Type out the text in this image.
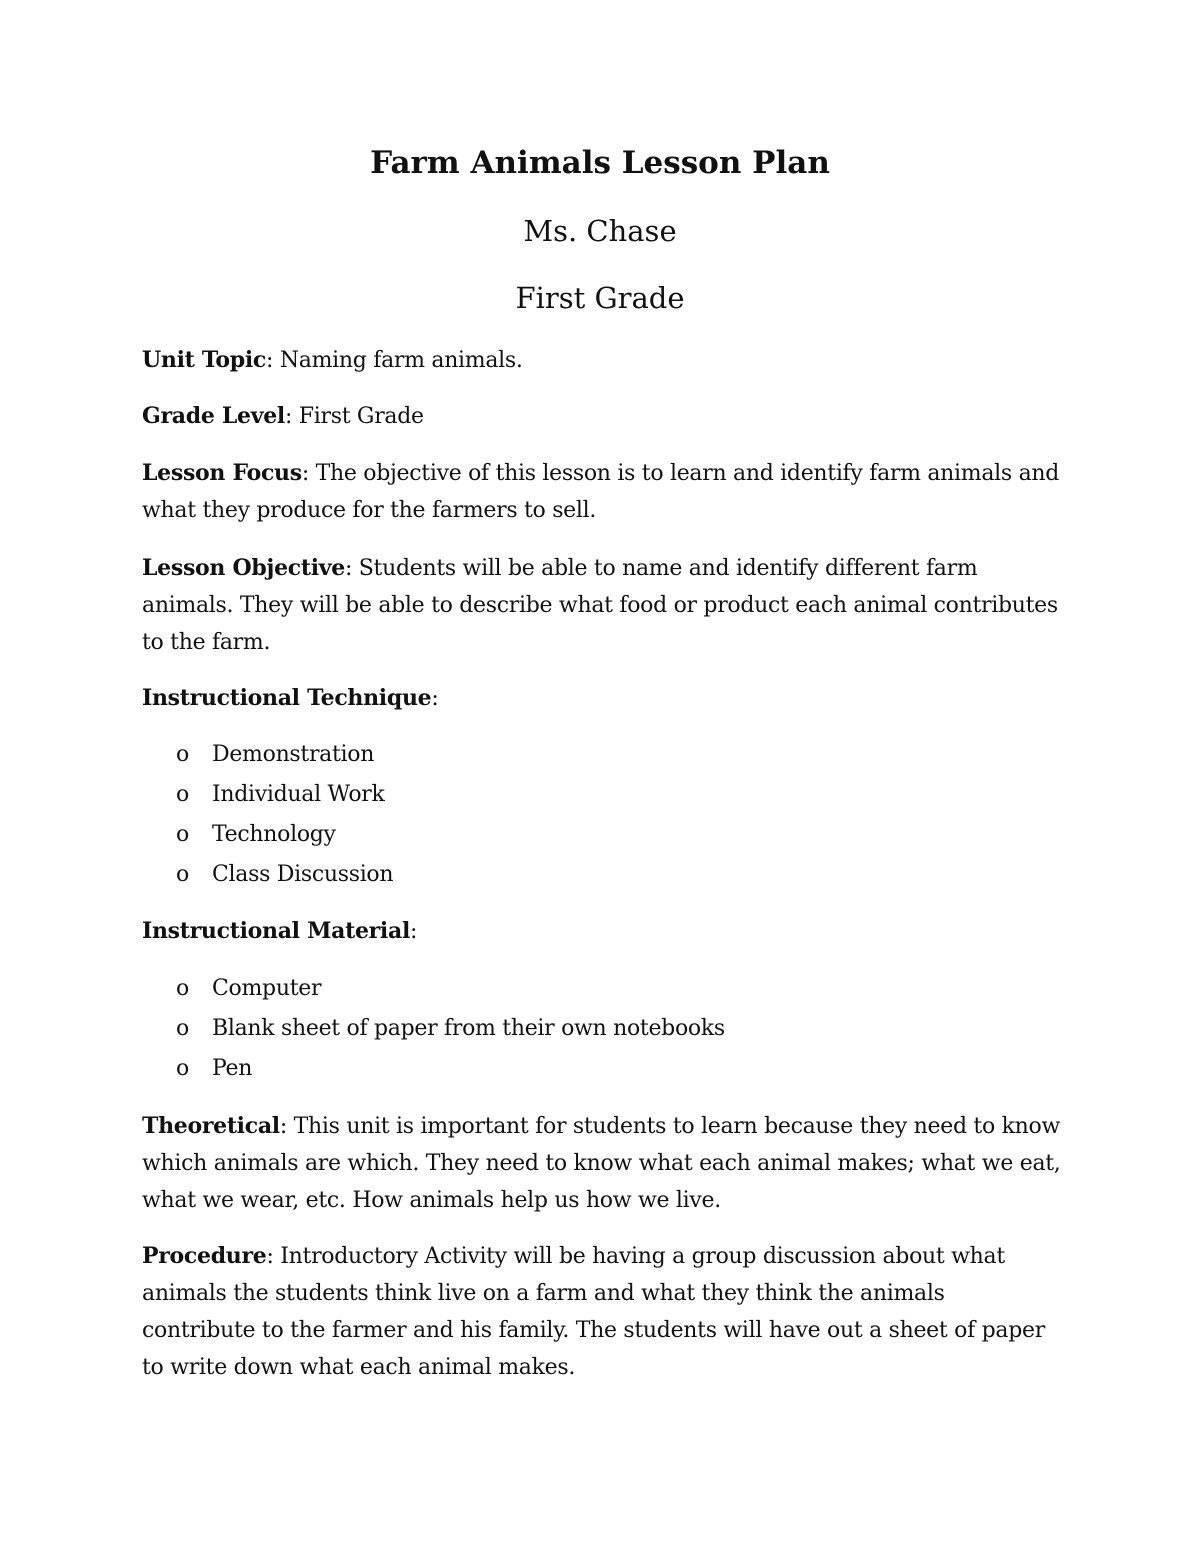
Farm Animals Lesson Plan

Ms. Chase

First Grade

Unit Topic: Naming farm animals.

Grade Level: First Grade

Lesson Focus: The objective of this lesson is to learn and identify farm animals and what they produce for the farmers to sell.

Lesson Objective: Students will be able to name and identify different farm animals. They will be able to describe what food or product each animal contributes to the farm.

Instructional Technique:

o Demonstration
o Individual Work
o Technology
o Class Discussion

Instructional Material:

o Computer
o Blank sheet of paper from their own notebooks
o Pen

Theoretical: This unit is important for students to learn because they need to know which animals are which. They need to know what each animal makes; what we eat, what we wear, etc. How animals help us how we live.

Procedure: Introductory Activity will be having a group discussion about what animals the students think live on a farm and what they think the animals contribute to the farmer and his family. The students will have out a sheet of paper to write down what each animal makes.
